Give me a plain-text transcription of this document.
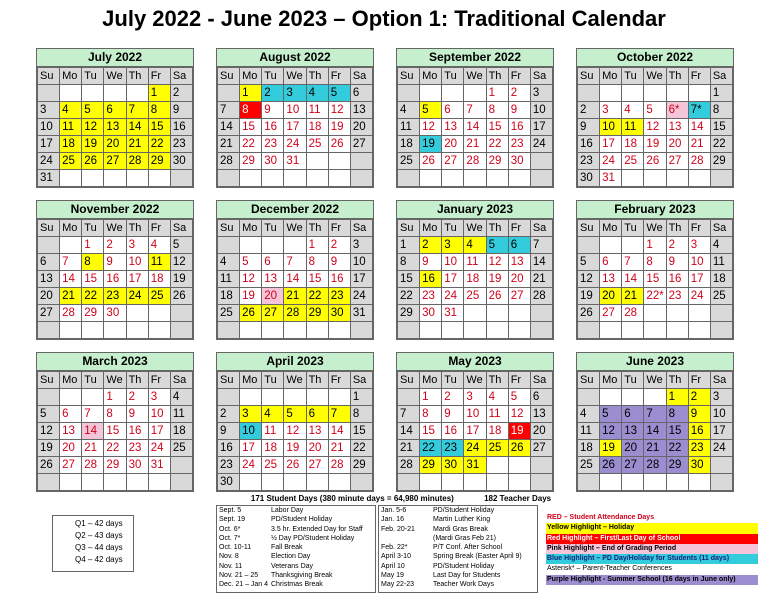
July 2022 - June 2023 – Option 1: Traditional Calendar
July 2022
Su	Mo	Tu	We	Th	Fr	Sa
					1	2
3	4	5	6	7	8	9
10	11	12	13	14	15	16
17	18	19	20	21	22	23
24	25	26	27	28	29	30
31						
August 2022
Su	Mo	Tu	We	Th	Fr	Sa
	1	2	3	4	5	6
7	8	9	10	11	12	13
14	15	16	17	18	19	20
21	22	23	24	25	26	27
28	29	30	31			

September 2022
Su	Mo	Tu	We	Th	Fr	Sa
				1	2	3
4	5	6	7	8	9	10
11	12	13	14	15	16	17
18	19	20	21	22	23	24
25	26	27	28	29	30	

October 2022
Su	Mo	Tu	We	Th	Fr	Sa
						1
2	3	4	5	6*	7*	8
9	10	11	12	13	14	15
16	17	18	19	20	21	22
23	24	25	26	27	28	29
30	31					
November 2022
Su	Mo	Tu	We	Th	Fr	Sa
		1	2	3	4	5
6	7	8	9	10	11	12
13	14	15	16	17	18	19
20	21	22	23	24	25	26
27	28	29	30			

December 2022
Su	Mo	Tu	We	Th	Fr	Sa
				1	2	3
4	5	6	7	8	9	10
11	12	13	14	15	16	17
18	19	20	21	22	23	24
25	26	27	28	29	30	31

January 2023
Su	Mo	Tu	We	Th	Fr	Sa
1	2	3	4	5	6	7
8	9	10	11	12	13	14
15	16	17	18	19	20	21
22	23	24	25	26	27	28
29	30	31				

February 2023
Su	Mo	Tu	We	Th	Fr	Sa
			1	2	3	4
5	6	7	8	9	10	11
12	13	14	15	16	17	18
19	20	21	22*	23	24	25
26	27	28				

March 2023
Su	Mo	Tu	We	Th	Fr	Sa
			1	2	3	4
5	6	7	8	9	10	11
12	13	14	15	16	17	18
19	20	21	22	23	24	25
26	27	28	29	30	31	

April 2023
Su	Mo	Tu	We	Th	Fr	Sa
						1
2	3	4	5	6	7	8
9	10	11	12	13	14	15
16	17	18	19	20	21	22
23	24	25	26	27	28	29
30						
May 2023
Su	Mo	Tu	We	Th	Fr	Sa
	1	2	3	4	5	6
7	8	9	10	11	12	13
14	15	16	17	18	19	20
21	22	23	24	25	26	27
28	29	30	31			

June 2023
Su	Mo	Tu	We	Th	Fr	Sa
				1	2	3
4	5	6	7	8	9	10
11	12	13	14	15	16	17
18	19	20	21	22	23	24
25	26	27	28	29	30	

171 Student Days (380 minute days = 64,980 minutes)	182 Teacher Days
Sept. 5	Labor Day
Sept. 19	PD/Student Holiday
Oct. 6*	3.5 hr. Extended Day for Staff
Oct. 7*	½ Day PD/Student Holiday
Oct. 10-11	Fall Break
Nov. 8	Election Day
Nov. 11	Veterans Day
Nov. 21 – 25	Thanksgiving Break
Dec. 21 – Jan 4 Christmas Break
Jan. 5-6	PD/Student Holiday
Jan. 16	Martin Luther King
Feb. 20-21	Mardi Gras Break
(Mardi Gras Feb 21)
Feb. 22*	P/T Conf. After School
April 3-10	Spring Break (Easter April 9)
April 10	PD/Student Holiday
May 19	Last Day for Students
May 22-23	Teacher Work Days
Q1 – 42 days
Q2 – 43 days
Q3 – 44 days
Q4 – 42 days
RED – Student Attendance Days
Yellow Highlight – Holiday
Red Highlight – First/Last Day of School
Pink Highlight – End of Grading Period
Blue Highlight – PD Day/Holiday for Students (11 days)
Asterisk* – Parent-Teacher Conferences
Purple Highlight - Summer School (16 days in June only)
